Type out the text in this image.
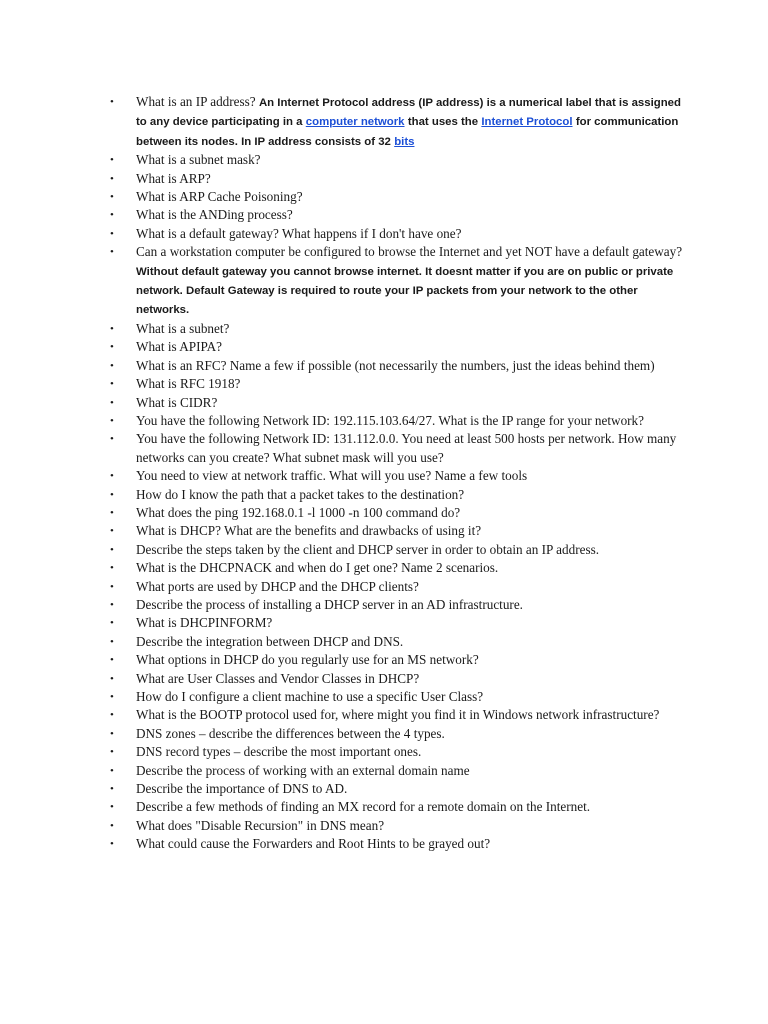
• What is an IP address? An Internet Protocol address (IP address) is a numerical label that is assigned to any device participating in a computer network that uses the Internet Protocol for communication between its nodes. In IP address consists of 32 bits
• What is a subnet mask?
• What is ARP?
• What is ARP Cache Poisoning?
• What is the ANDing process?
• What is a default gateway? What happens if I don't have one?
• Can a workstation computer be configured to browse the Internet and yet NOT have a default gateway? Without default gateway you cannot browse internet. It doesnt matter if you are on public or private network. Default Gateway is required to route your IP packets from your network to the other networks.
• What is a subnet?
• What is APIPA?
• What is an RFC? Name a few if possible (not necessarily the numbers, just the ideas behind them)
• What is RFC 1918?
• What is CIDR?
• You have the following Network ID: 192.115.103.64/27. What is the IP range for your network?
• You have the following Network ID: 131.112.0.0. You need at least 500 hosts per network. How many networks can you create? What subnet mask will you use?
• You need to view at network traffic. What will you use? Name a few tools
• How do I know the path that a packet takes to the destination?
• What does the ping 192.168.0.1 -l 1000 -n 100 command do?
• What is DHCP? What are the benefits and drawbacks of using it?
• Describe the steps taken by the client and DHCP server in order to obtain an IP address.
• What is the DHCPNACK and when do I get one? Name 2 scenarios.
• What ports are used by DHCP and the DHCP clients?
• Describe the process of installing a DHCP server in an AD infrastructure.
• What is DHCPINFORM?
• Describe the integration between DHCP and DNS.
• What options in DHCP do you regularly use for an MS network?
• What are User Classes and Vendor Classes in DHCP?
• How do I configure a client machine to use a specific User Class?
• What is the BOOTP protocol used for, where might you find it in Windows network infrastructure?
• DNS zones – describe the differences between the 4 types.
• DNS record types – describe the most important ones.
• Describe the process of working with an external domain name
• Describe the importance of DNS to AD.
• Describe a few methods of finding an MX record for a remote domain on the Internet.
• What does "Disable Recursion" in DNS mean?
• What could cause the Forwarders and Root Hints to be grayed out?
